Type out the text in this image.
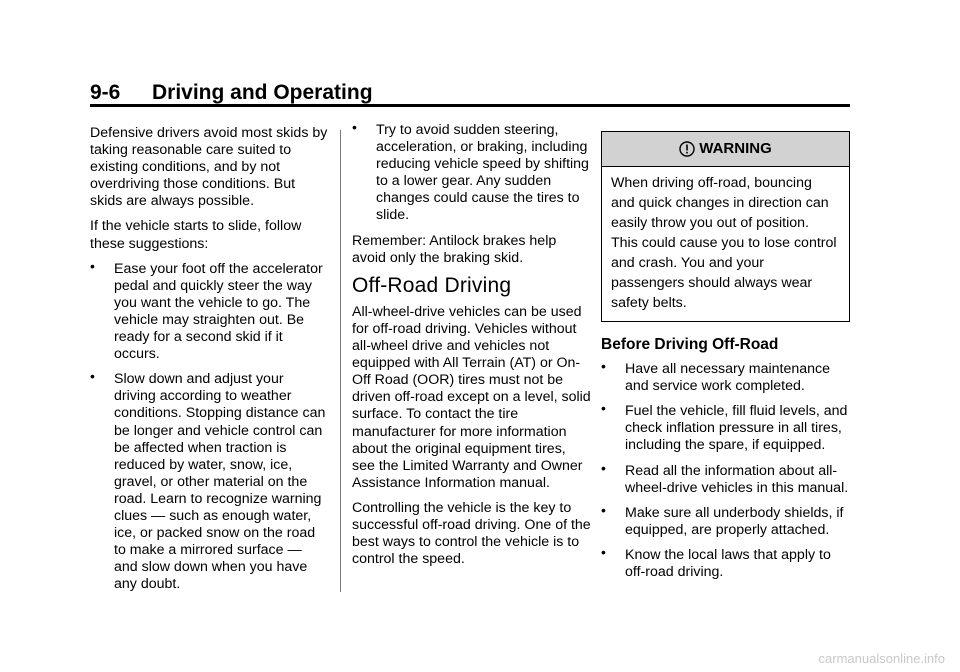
9-6 Driving and Operating

Defensive drivers avoid most skids by taking reasonable care suited to existing conditions, and by not overdriving those conditions. But skids are always possible.

If the vehicle starts to slide, follow these suggestions:

• Ease your foot off the accelerator pedal and quickly steer the way you want the vehicle to go. The vehicle may straighten out. Be ready for a second skid if it occurs.
• Slow down and adjust your driving according to weather conditions. Stopping distance can be longer and vehicle control can be affected when traction is reduced by water, snow, ice, gravel, or other material on the road. Learn to recognize warning clues — such as enough water, ice, or packed snow on the road to make a mirrored surface — and slow down when you have any doubt.
• Try to avoid sudden steering, acceleration, or braking, including reducing vehicle speed by shifting to a lower gear. Any sudden changes could cause the tires to slide.

Remember: Antilock brakes help avoid only the braking skid.

Off-Road Driving

All-wheel-drive vehicles can be used for off-road driving. Vehicles without all-wheel drive and vehicles not equipped with All Terrain (AT) or On-Off Road (OOR) tires must not be driven off-road except on a level, solid surface. To contact the tire manufacturer for more information about the original equipment tires, see the Limited Warranty and Owner Assistance Information manual.

Controlling the vehicle is the key to successful off-road driving. One of the best ways to control the vehicle is to control the speed.

WARNING
When driving off-road, bouncing and quick changes in direction can easily throw you out of position. This could cause you to lose control and crash. You and your passengers should always wear safety belts.
Before Driving Off-Road
• Have all necessary maintenance and service work completed.
• Fuel the vehicle, fill fluid levels, and check inflation pressure in all tires, including the spare, if equipped.
• Read all the information about all-wheel-drive vehicles in this manual.
• Make sure all underbody shields, if equipped, are properly attached.
• Know the local laws that apply to off-road driving.
carmanualsonline.info
